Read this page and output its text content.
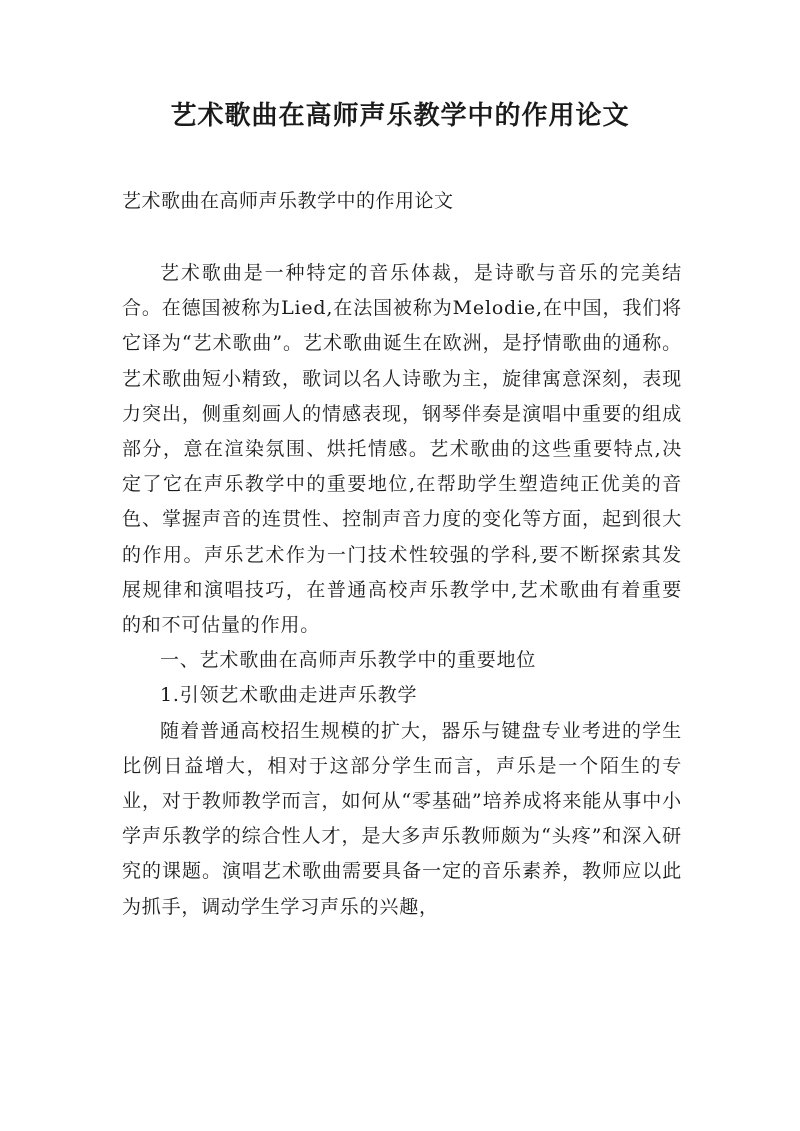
艺术歌曲在高师声乐教学中的作用论文

艺术歌曲在高师声乐教学中的作用论文

艺术歌曲是一种特定的音乐体裁，是诗歌与音乐的完美结合。在德国被称为Lied,在法国被称为Melodie,在中国，我们将它译为“艺术歌曲”。艺术歌曲诞生在欧洲，是抒情歌曲的通称。艺术歌曲短小精致，歌词以名人诗歌为主，旋律寓意深刻，表现力突出，侧重刻画人的情感表现，钢琴伴奏是演唱中重要的组成部分，意在渲染氛围、烘托情感。艺术歌曲的这些重要特点,决定了它在声乐教学中的重要地位,在帮助学生塑造纯正优美的音色、掌握声音的连贯性、控制声音力度的变化等方面，起到很大的作用。声乐艺术作为一门技术性较强的学科,要不断探索其发展规律和演唱技巧，在普通高校声乐教学中,艺术歌曲有着重要的和不可估量的作用。

一、艺术歌曲在高师声乐教学中的重要地位

1.引领艺术歌曲走进声乐教学

随着普通高校招生规模的扩大，器乐与键盘专业考进的学生比例日益增大，相对于这部分学生而言，声乐是一个陌生的专业，对于教师教学而言，如何从“零基础”培养成将来能从事中小学声乐教学的综合性人才，是大多声乐教师颇为“头疼”和深入研究的课题。演唱艺术歌曲需要具备一定的音乐素养，教师应以此为抓手，调动学生学习声乐的兴趣，
